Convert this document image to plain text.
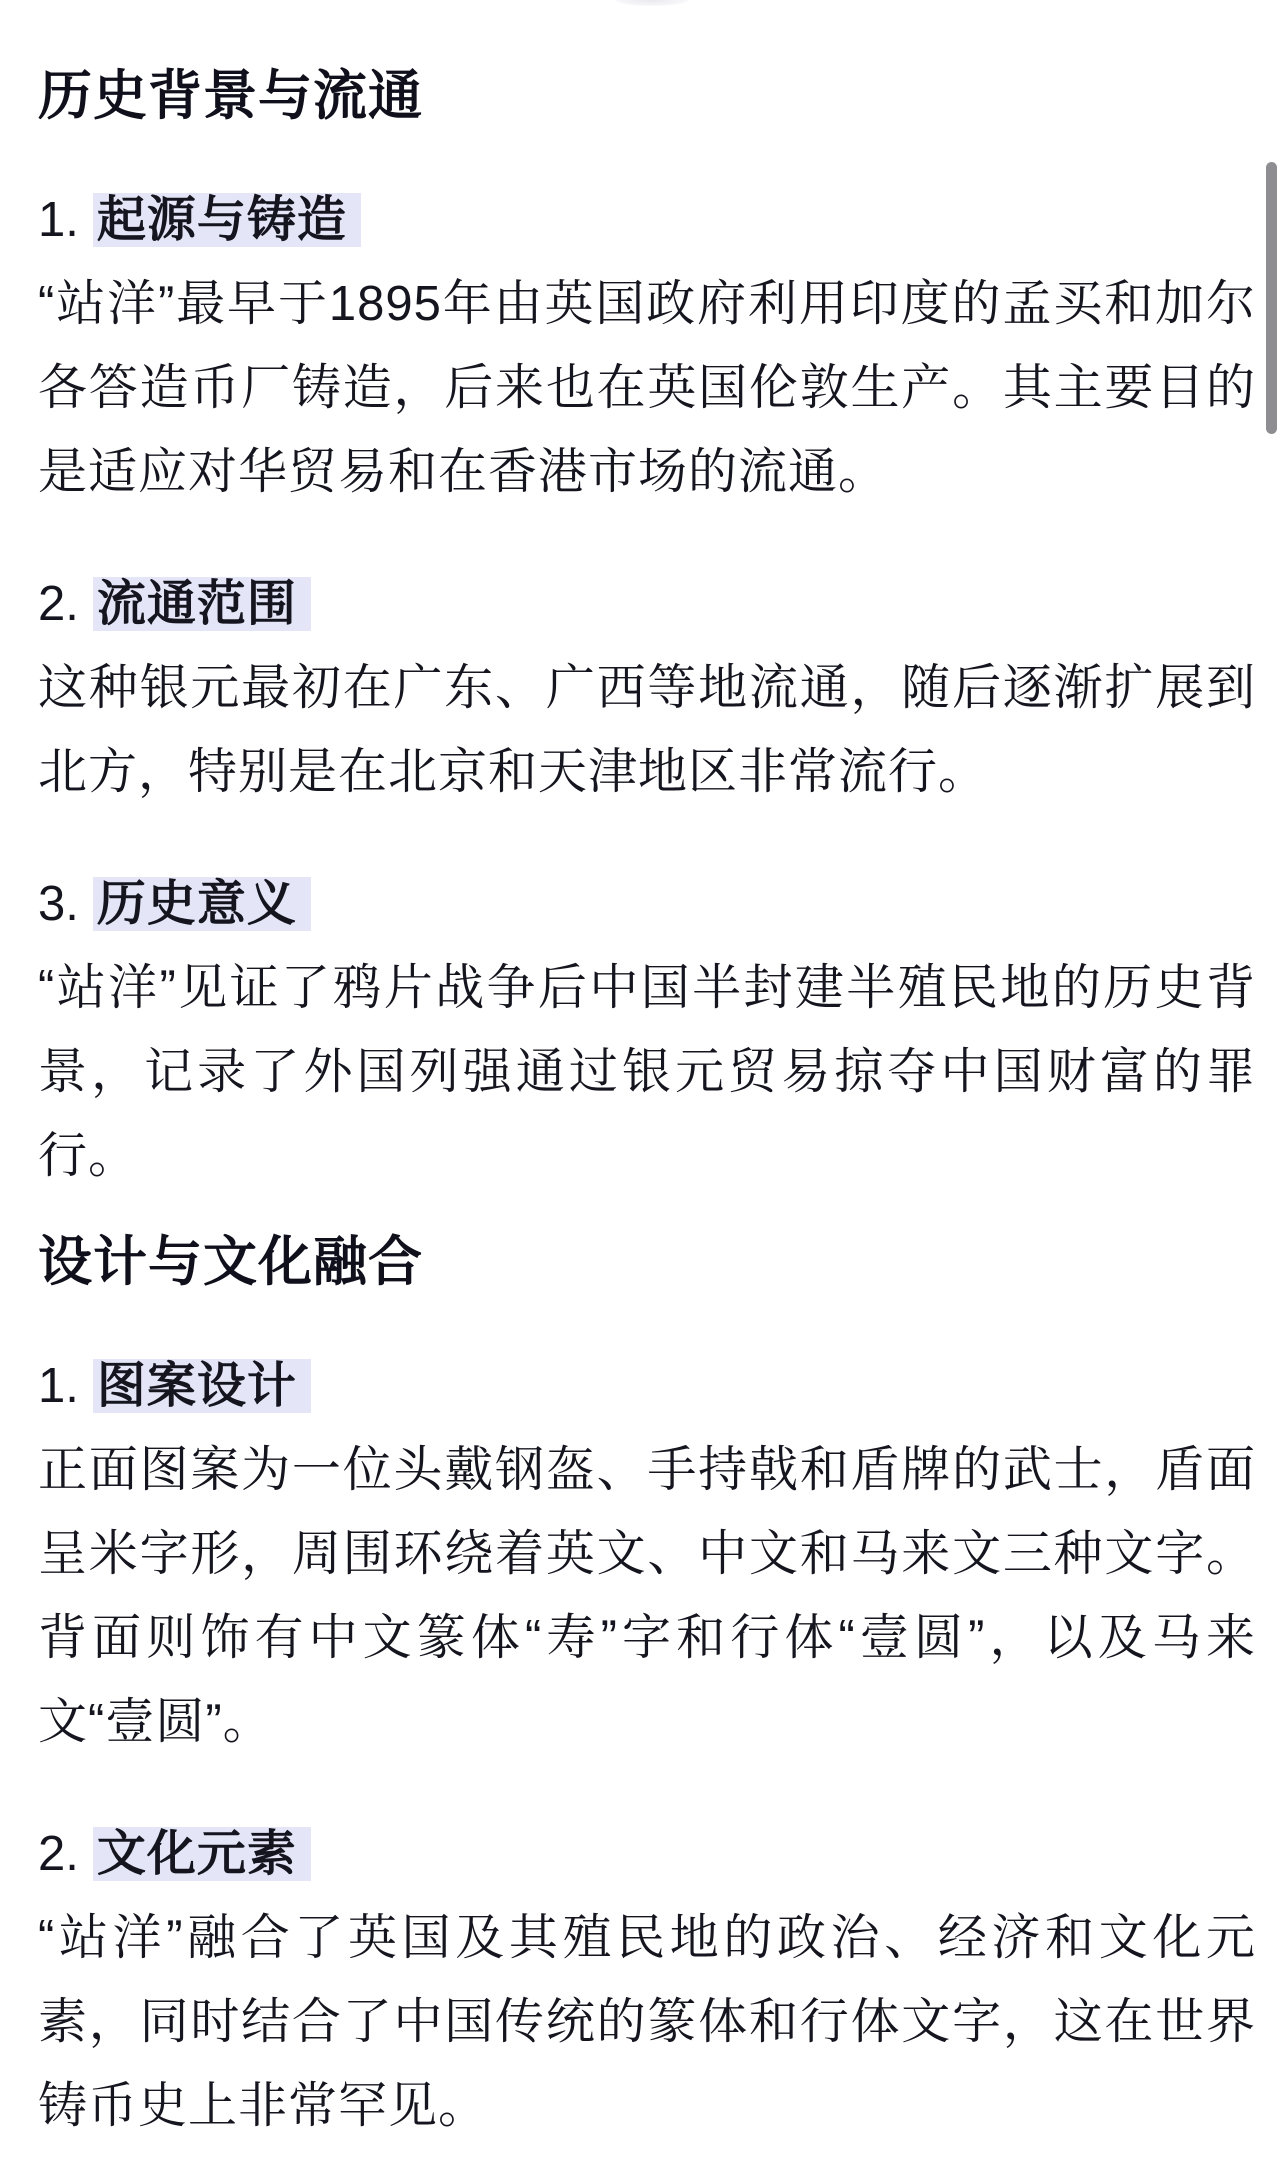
历史背景与流通
1. 起源与铸造

“站洋”最早于1895年由英国政府利用印度的孟买和加尔各答造币厂铸造，后来也在英国伦敦生产。其主要目的是适应对华贸易和在香港市场的流通。

2. 流通范围

这种银元最初在广东、广西等地流通，随后逐渐扩展到北方，特别是在北京和天津地区非常流行。

3. 历史意义

“站洋”见证了鸦片战争后中国半封建半殖民地的历史背景，记录了外国列强通过银元贸易掠夺中国财富的罪行。

设计与文化融合
1. 图案设计

正面图案为一位头戴钢盔、手持戟和盾牌的武士，盾面呈米字形，周围环绕着英文、中文和马来文三种文字。背面则饰有中文篆体“寿”字和行体“壹圆”，以及马来文“壹圆”。

2. 文化元素

“站洋”融合了英国及其殖民地的政治、经济和文化元素，同时结合了中国传统的篆体和行体文字，这在世界铸币史上非常罕见。
